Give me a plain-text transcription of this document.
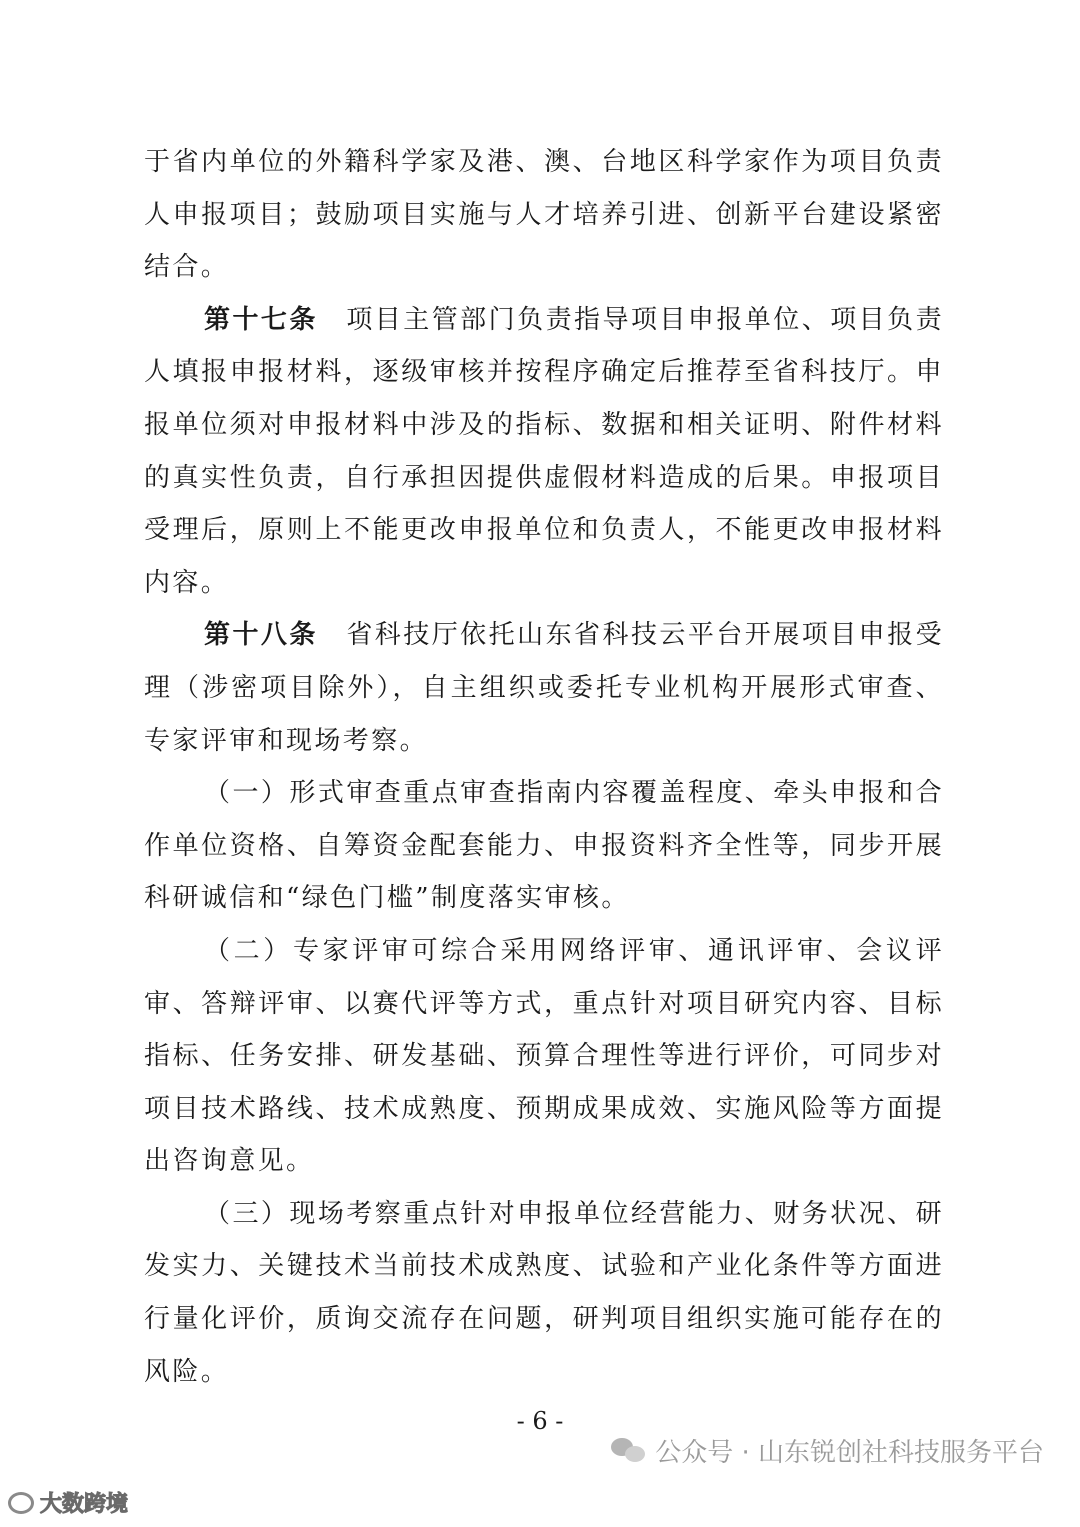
于省内单位的外籍科学家及港、澳、台地区科学家作为项目负责人申报项目；鼓励项目实施与人才培养引进、创新平台建设紧密结合。

第十七条　 项目主管部门负责指导项目申报单位、项目负责人填报申报材料，逐级审核并按程序确定后推荐至省科技厅。申报单位须对申报材料中涉及的指标、数据和相关证明、附件材料的真实性负责，自行承担因提供虚假材料造成的后果。申报项目受理后，原则上不能更改申报单位和负责人，不能更改申报材料内容。

第十八条　 省科技厅依托山东省科技云平台开展项目申报受理（涉密项目除外），自主组织或委托专业机构开展形式审查、专家评审和现场考察。

（一）形式审查重点审查指南内容覆盖程度、牵头申报和合作单位资格、自筹资金配套能力、申报资料齐全性等，同步开展科研诚信和“绿色门槛”制度落实审核。

（二）专家评审可综合采用网络评审、通讯评审、会议评审、答辩评审、以赛代评等方式，重点针对项目研究内容、目标指标、任务安排、研发基础、预算合理性等进行评价，可同步对项目技术路线、技术成熟度、预期成果成效、实施风险等方面提出咨询意见。

（三）现场考察重点针对申报单位经营能力、财务状况、研发实力、关键技术当前技术成熟度、试验和产业化条件等方面进行量化评价，质询交流存在问题，研判项目组织实施可能存在的风险。

- 6 -
公众号 · 山东锐创社科技服务平台
大数跨境
